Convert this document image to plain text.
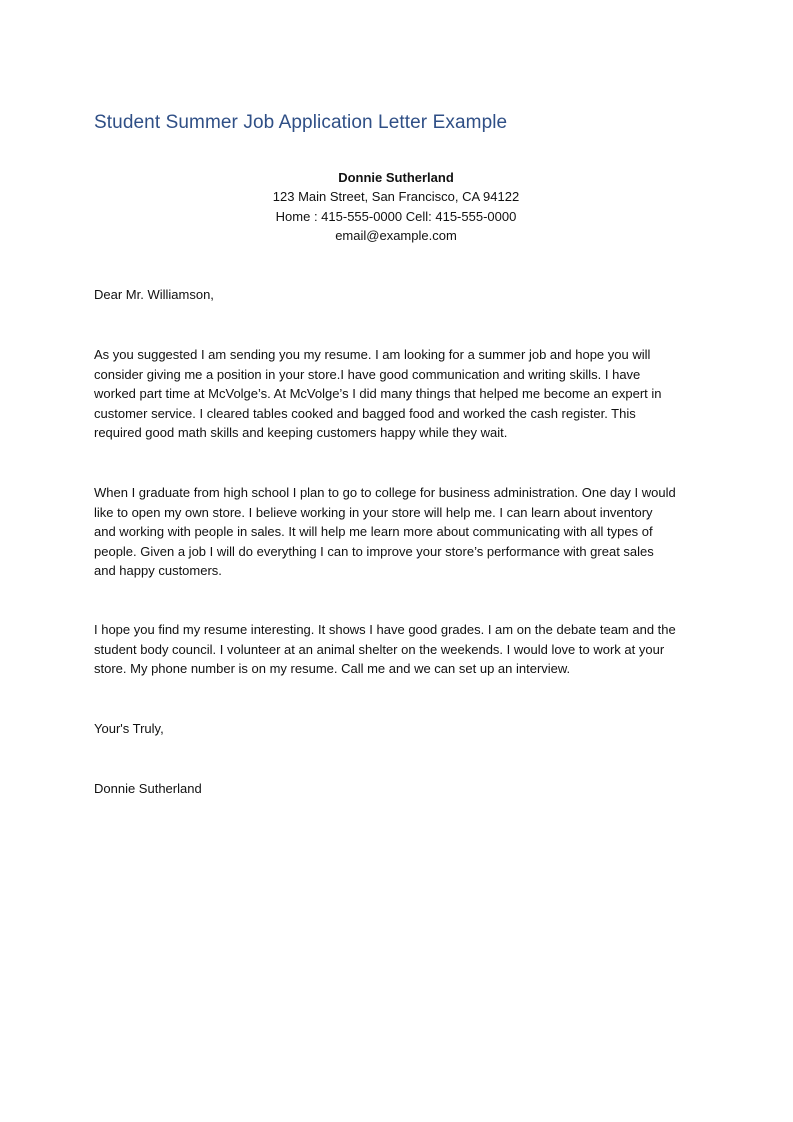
Student Summer Job Application Letter Example
Donnie Sutherland
123 Main Street, San Francisco, CA 94122
Home : 415-555-0000 Cell: 415-555-0000
email@example.com
Dear Mr. Williamson,
As you suggested I am sending you my resume. I am looking for a summer job and hope you will
consider giving me a position in your store.I have good communication and writing skills. I have
worked part time at McVolge’s. At McVolge’s I did many things that helped me become an expert in
customer service. I cleared tables cooked and bagged food and worked the cash register. This
required good math skills and keeping customers happy while they wait.
When I graduate from high school I plan to go to college for business administration. One day I would
like to open my own store. I believe working in your store will help me. I can learn about inventory
and working with people in sales. It will help me learn more about communicating with all types of
people. Given a job I will do everything I can to improve your store’s performance with great sales
and happy customers.
I hope you find my resume interesting. It shows I have good grades. I am on the debate team and the
student body council. I volunteer at an animal shelter on the weekends. I would love to work at your
store. My phone number is on my resume. Call me and we can set up an interview.
Your's Truly,
Donnie Sutherland
